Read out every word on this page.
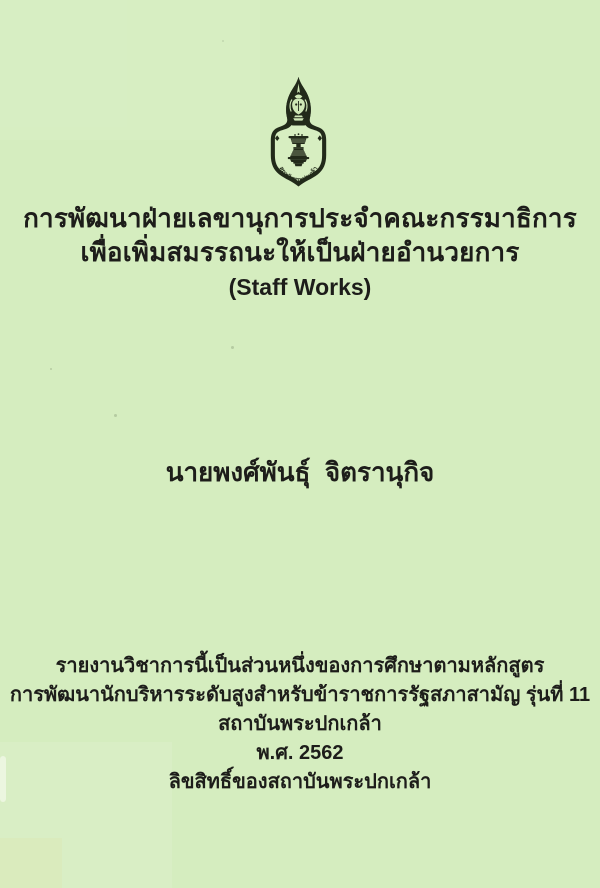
สถาบันพระปกเกล้า
การพัฒนาฝ่ายเลขานุการประจำคณะกรรมาธิการ
เพื่อเพิ่มสมรรถนะให้เป็นฝ่ายอำนวยการ
(Staff Works)
นายพงศ์พันธุ์  จิตรานุกิจ
รายงานวิชาการนี้เป็นส่วนหนึ่งของการศึกษาตามหลักสูตร
การพัฒนานักบริหารระดับสูงสำหรับข้าราชการรัฐสภาสามัญ รุ่นที่ 11
สถาบันพระปกเกล้า
พ.ศ. 2562
ลิขสิทธิ์ของสถาบันพระปกเกล้า
